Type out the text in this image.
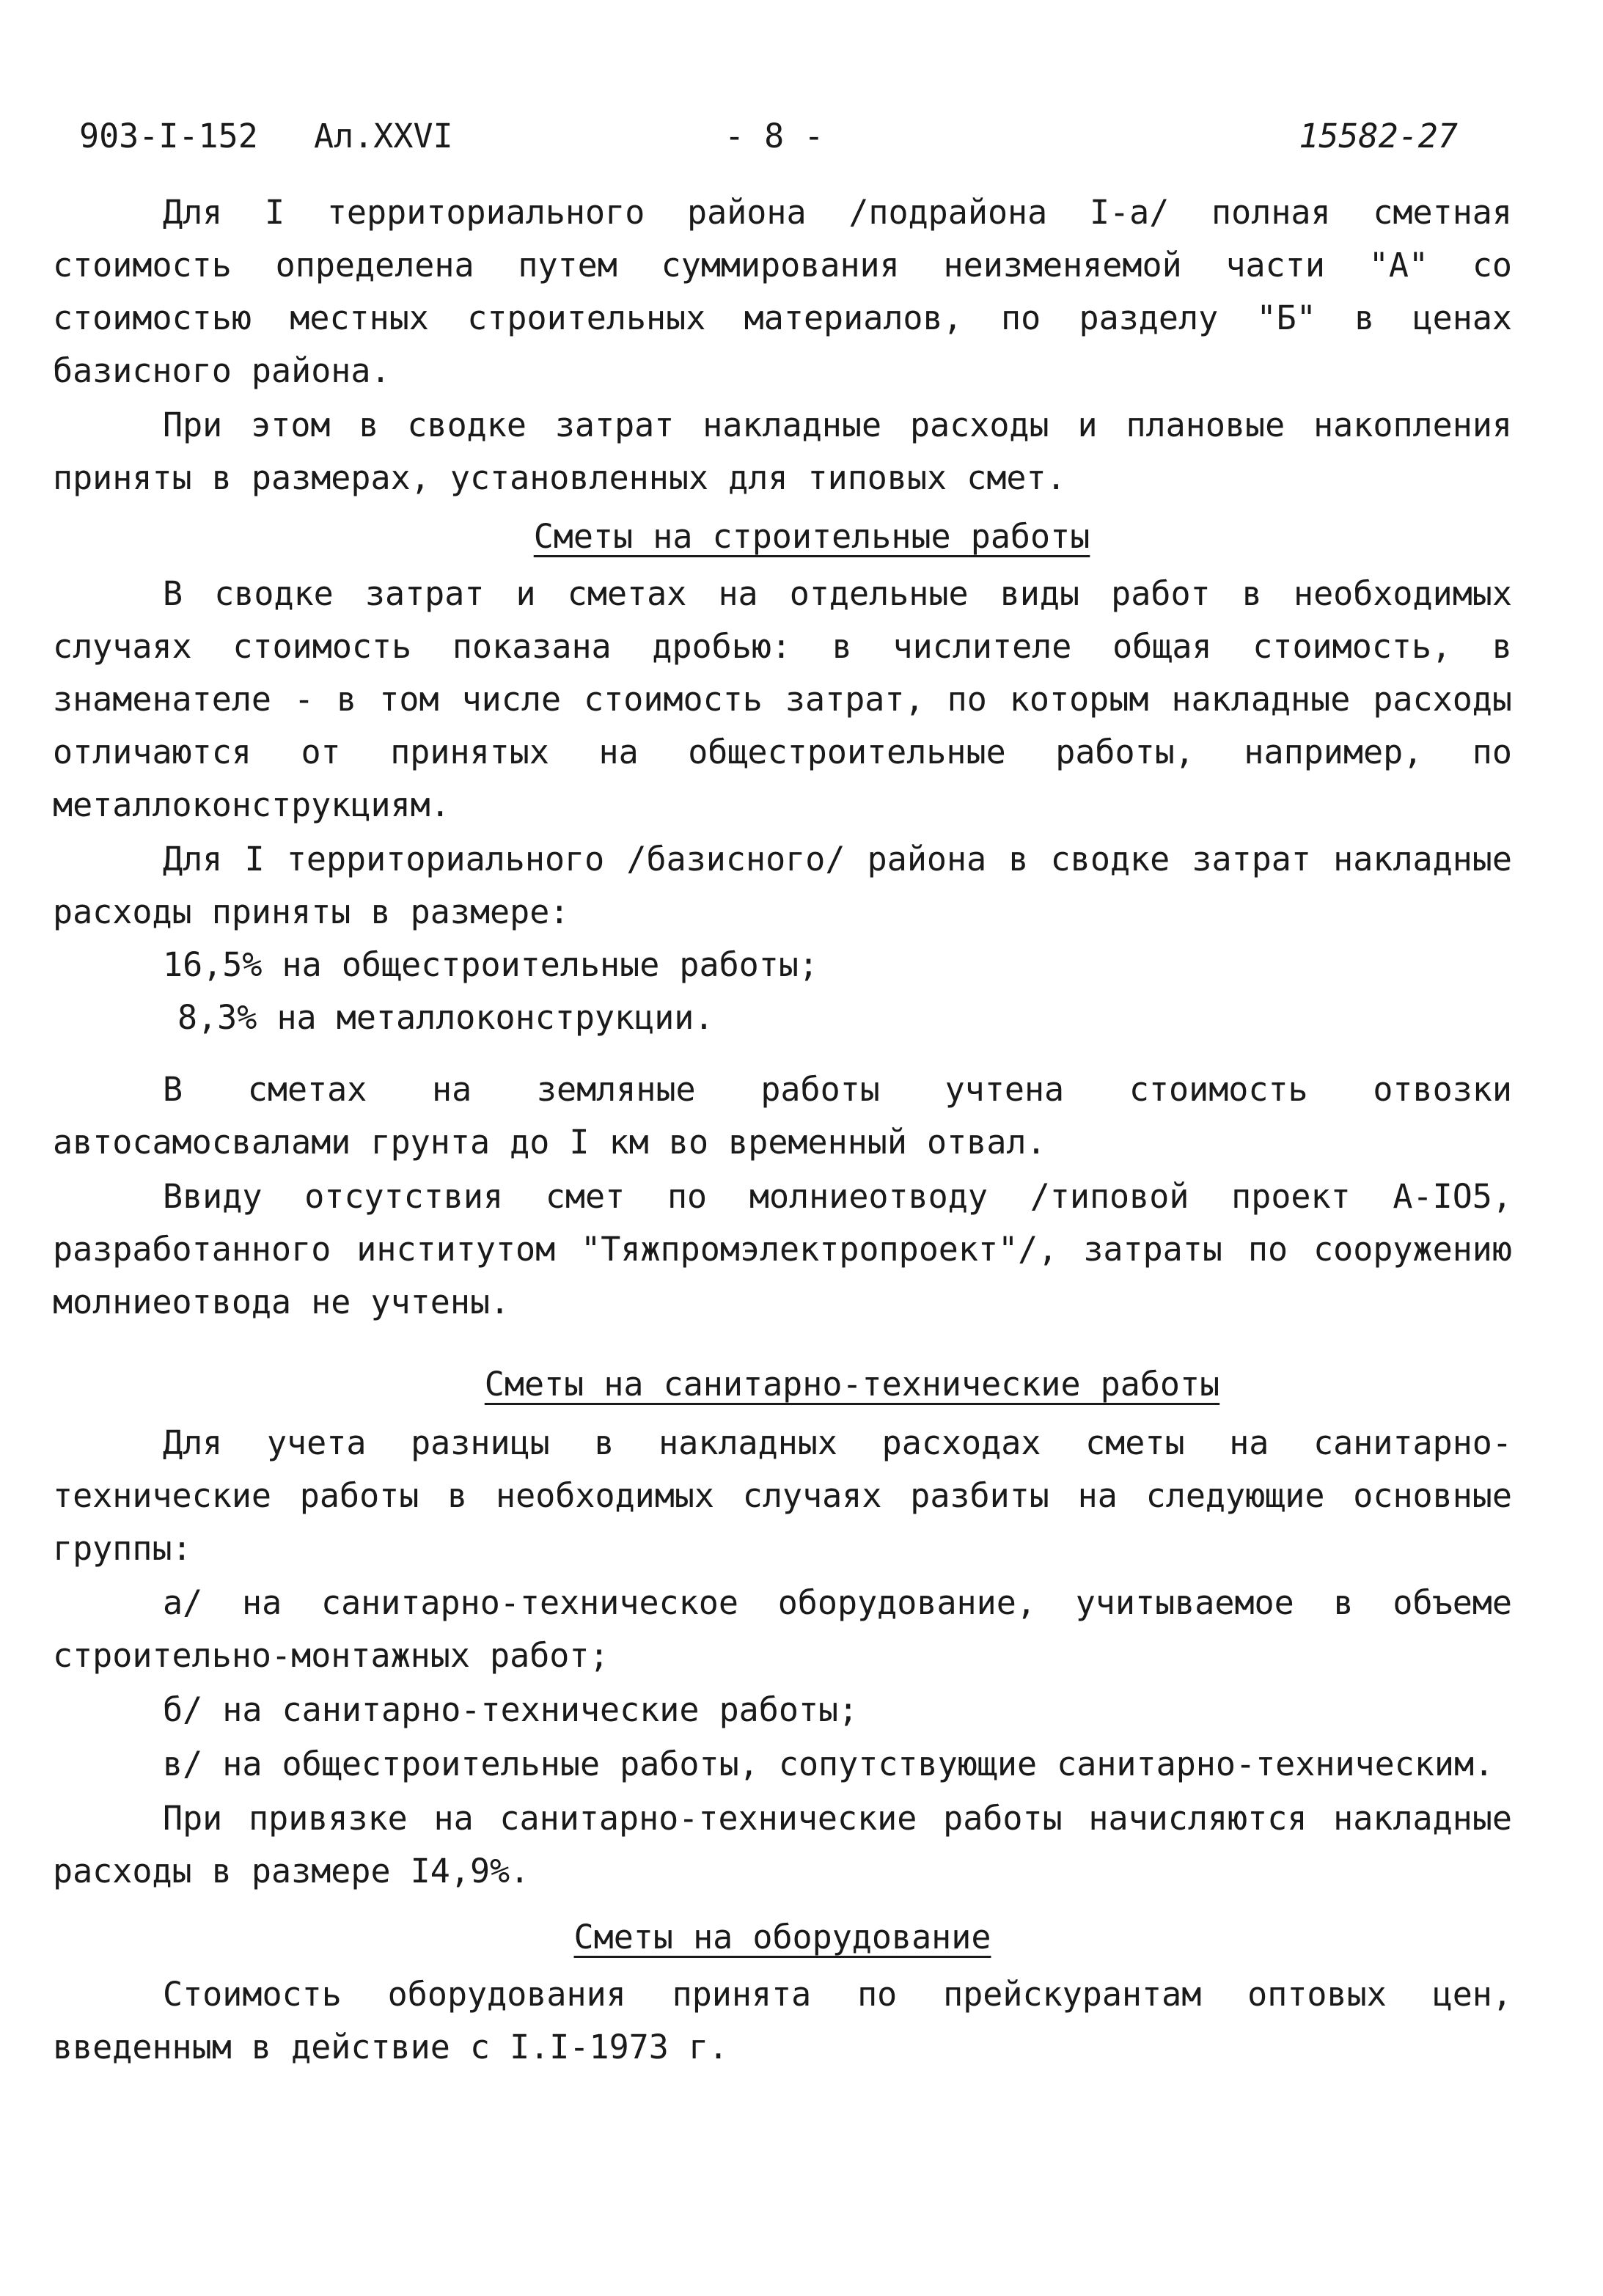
903-I-152 Ал.XXVI	- 8 -	15582-27

Для I территориального района /подрайона I-а/ полная сметная стоимость определена путем суммирования неизменяемой части "А" со стоимостью местных строительных материалов, по разделу "Б" в ценах базисного района.

При этом в сводке затрат накладные расходы и плановые накопления приняты в размерах, установленных для типовых смет.

Сметы на строительные работы

В сводке затрат и сметах на отдельные виды работ в необходимых случаях стоимость показана дробью: в числителе общая стоимость, в знаменателе - в том числе стоимость затрат, по которым накладные расходы отличаются от принятых на общестроительные работы, например, по металлоконструкциям.

Для I территориального /базисного/ района в сводке затрат накладные расходы приняты в размере:

16,5% на общестроительные работы;
8,3% на металлоконструкции.

В сметах на земляные работы учтена стоимость отвозки автосамосвалами грунта до I км во временный отвал.

Ввиду отсутствия смет по молниеотводу /типовой проект А-IO5, разработанного институтом "Тяжпромэлектропроект"/, затраты по сооружению молниеотвода не учтены.

Сметы на санитарно-технические работы

Для учета разницы в накладных расходах сметы на санитарно-технические работы в необходимых случаях разбиты на следующие основные группы:

а/ на санитарно-техническое оборудование, учитываемое в объеме строительно-монтажных работ;

б/ на санитарно-технические работы;

в/ на общестроительные работы, сопутствующие санитарно-техническим.

При привязке на санитарно-технические работы начисляются накладные расходы в размере I4,9%.

Сметы на оборудование

Стоимость оборудования принята по прейскурантам оптовых цен, введенным в действие с I.I-1973 г.
